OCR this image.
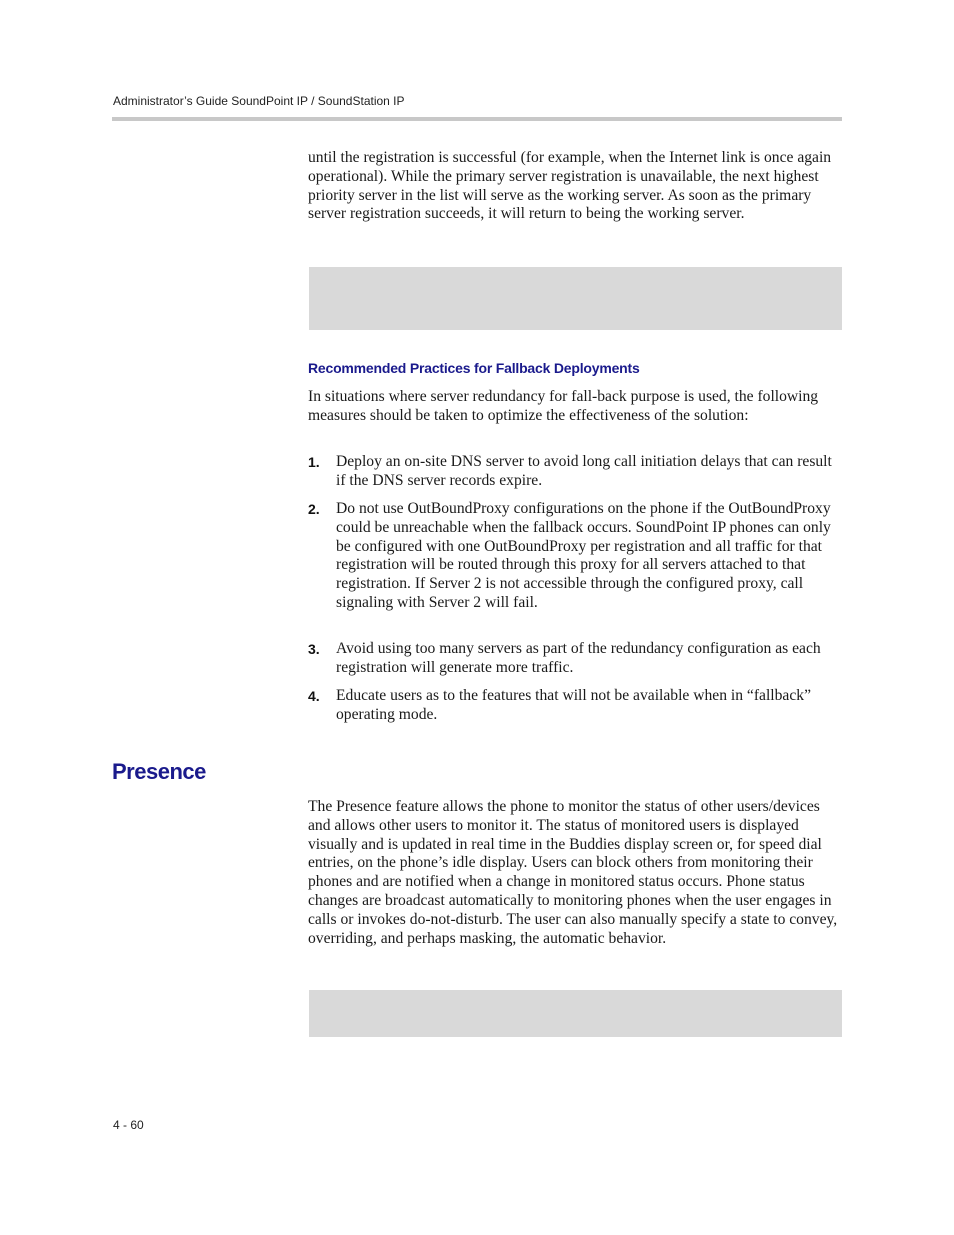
Administrator’s Guide SoundPoint IP / SoundStation IP

until the registration is successful (for example, when the Internet link is once again operational). While the primary server registration is unavailable, the next highest priority server in the list will serve as the working server. As soon as the primary server registration succeeds, it will return to being the working server.

Recommended Practices for Fallback Deployments

In situations where server redundancy for fall-back purpose is used, the following measures should be taken to optimize the effectiveness of the solution:

1. Deploy an on-site DNS server to avoid long call initiation delays that can result if the DNS server records expire.
2. Do not use OutBoundProxy configurations on the phone if the OutBoundProxy could be unreachable when the fallback occurs. SoundPoint IP phones can only be configured with one OutBoundProxy per registration and all traffic for that registration will be routed through this proxy for all servers attached to that registration. If Server 2 is not accessible through the configured proxy, call signaling with Server 2 will fail.
3. Avoid using too many servers as part of the redundancy configuration as each registration will generate more traffic.
4. Educate users as to the features that will not be available when in “fallback” operating mode.
Presence

The Presence feature allows the phone to monitor the status of other users/devices and allows other users to monitor it. The status of monitored users is displayed visually and is updated in real time in the Buddies display screen or, for speed dial entries, on the phone’s idle display. Users can block others from monitoring their phones and are notified when a change in monitored status occurs. Phone status changes are broadcast automatically to monitoring phones when the user engages in calls or invokes do-not-disturb. The user can also manually specify a state to convey, overriding, and perhaps masking, the automatic behavior.

4 - 60
